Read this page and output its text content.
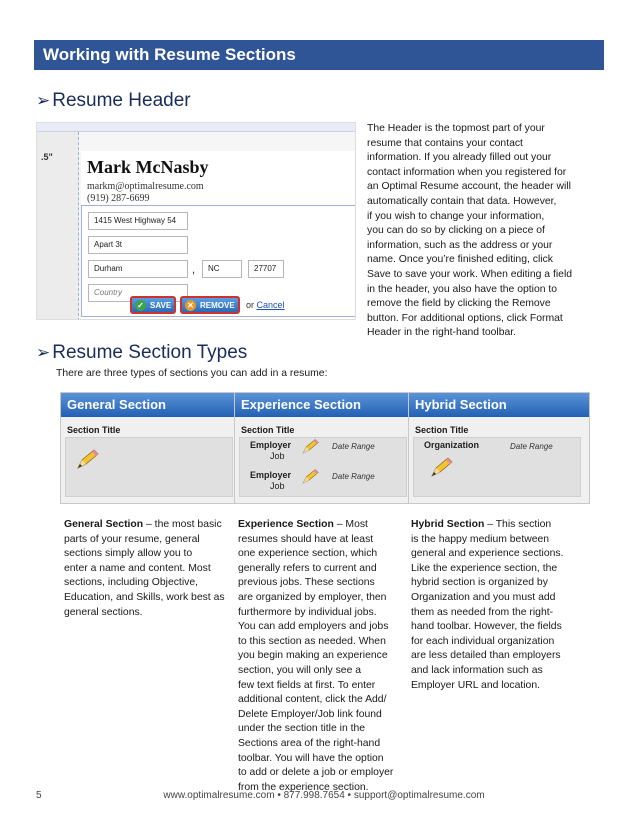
Working with Resume Sections
➢ Resume Header
.5" Mark McNasby
markm@optimalresume.com
(919) 287-6699
1415 West Highway 54
Apart 3t
Durham	,	NC	27707
Country
✓ SAVE ✕ REMOVE or Cancel
The Header is the topmost part of your
resume that contains your contact
information. If you already filled out your
contact information when you registered for
an Optimal Resume account, the header will
automatically contain that data. However,
if you wish to change your information,
you can do so by clicking on a piece of
information, such as the address or your
name. Once you’re finished editing, click
Save to save your work. When editing a field
in the header, you also have the option to
remove the field by clicking the Remove
button. For additional options, click Format
Header in the right-hand toolbar.
➢ Resume Section Types
There are three types of sections you can add in a resume:
General Section
Section Title
Experience Section
Section Title
Employer
Job
Date Range
Employer
Job
Date Range
Hybrid Section
Section Title
Organization	Date Range
General Section – the most basic
parts of your resume, general
sections simply allow you to
enter a name and content. Most
sections, including Objective,
Education, and Skills, work best as
general sections.
Experience Section – Most
resumes should have at least
one experience section, which
generally refers to current and
previous jobs. These sections
are organized by employer, then
furthermore by individual jobs.
You can add employers and jobs
to this section as needed. When
you begin making an experience
section, you will only see a
few text fields at first. To enter
additional content, click the Add/
Delete Employer/Job link found
under the section title in the
Sections area of the right-hand
toolbar. You will have the option
to add or delete a job or employer
from the experience section.
Hybrid Section – This section
is the happy medium between
general and experience sections.
Like the experience section, the
hybrid section is organized by
Organization and you must add
them as needed from the right-
hand toolbar. However, the fields
for each individual organization
are less detailed than employers
and lack information such as
Employer URL and location.
www.optimalresume.com • 877.998.7654 • support@optimalresume.com
5
